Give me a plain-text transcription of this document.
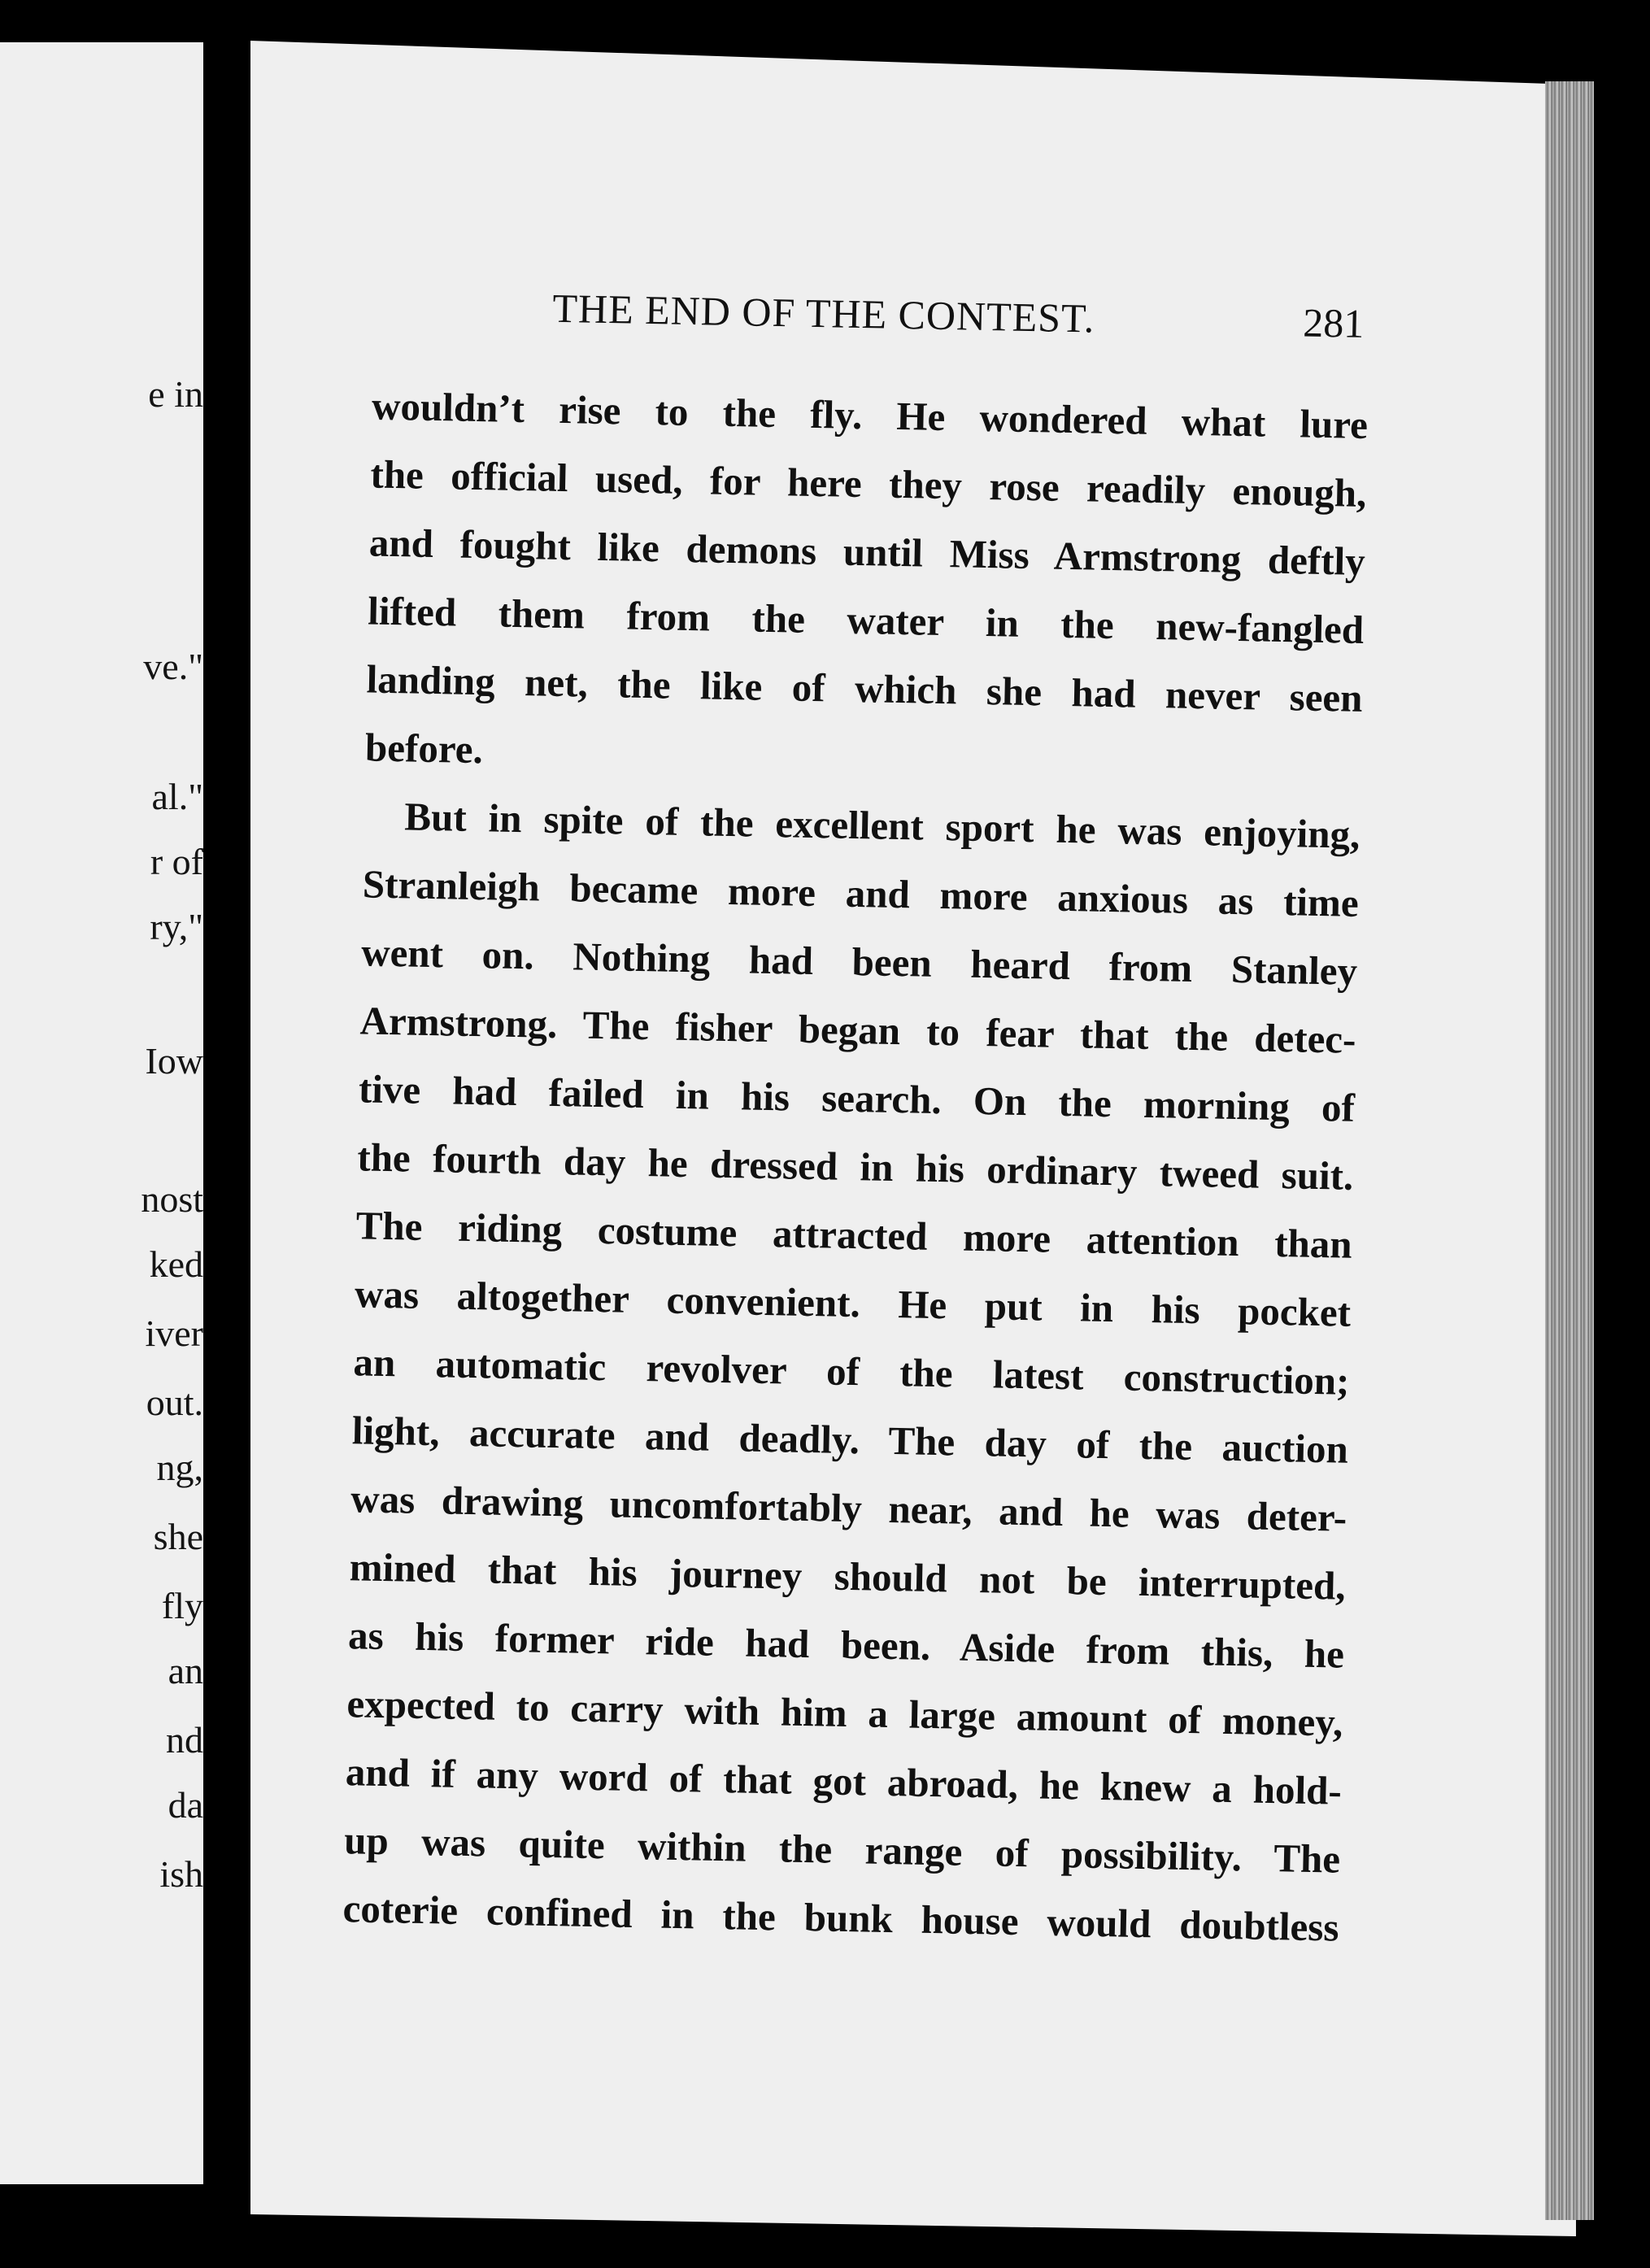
e in
ve."
al."
r of
ry,"
Iow
nost
ked
iver
out.
ng,
she
fly
an
nd
da
ish
THE END OF THE CONTEST.	281
wouldn’t rise to the fly. He wondered what lure
the official used, for here they rose readily enough,
and fought like demons until Miss Armstrong deftly
lifted them from the water in the new-fangled
landing net, the like of which she had never seen
before.
But in spite of the excellent sport he was enjoying,
Stranleigh became more and more anxious as time
went on. Nothing had been heard from Stanley
Armstrong. The fisher began to fear that the detec-
tive had failed in his search. On the morning of
the fourth day he dressed in his ordinary tweed suit.
The riding costume attracted more attention than
was altogether convenient. He put in his pocket
an automatic revolver of the latest construction;
light, accurate and deadly. The day of the auction
was drawing uncomfortably near, and he was deter-
mined that his journey should not be interrupted,
as his former ride had been. Aside from this, he
expected to carry with him a large amount of money,
and if any word of that got abroad, he knew a hold-
up was quite within the range of possibility. The
coterie confined in the bunk house would doubtless
